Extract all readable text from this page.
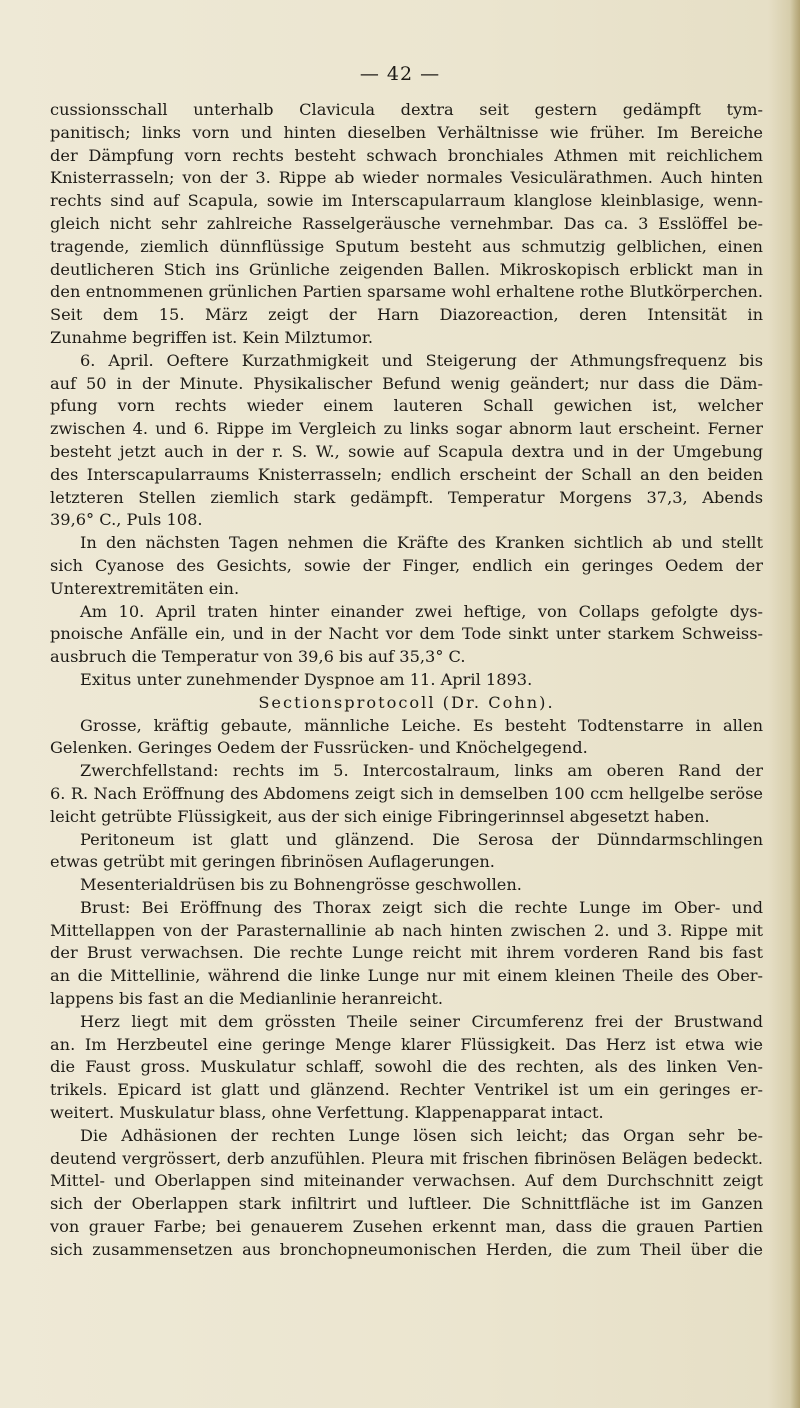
— 42 —
cussionsschall unterhalb Clavicula dextra seit gestern gedämpft tym-
panitisch; links vorn und hinten dieselben Verhältnisse wie früher. Im Bereiche
der Dämpfung vorn rechts besteht schwach bronchiales Athmen mit reichlichem
Knisterrasseln; von der 3. Rippe ab wieder normales Vesiculärathmen. Auch hinten
rechts sind auf Scapula, sowie im Interscapularraum klanglose kleinblasige, wenn-
gleich nicht sehr zahlreiche Rasselgeräusche vernehmbar. Das ca. 3 Esslöffel be-
tragende, ziemlich dünnflüssige Sputum besteht aus schmutzig gelblichen, einen
deutlicheren Stich ins Grünliche zeigenden Ballen. Mikroskopisch erblickt man in
den entnommenen grünlichen Partien sparsame wohl erhaltene rothe Blutkörperchen.
Seit dem 15. März zeigt der Harn Diazoreaction, deren Intensität in
Zunahme begriffen ist. Kein Milztumor.
6. April. Oeftere Kurzathmigkeit und Steigerung der Athmungsfrequenz bis
auf 50 in der Minute. Physikalischer Befund wenig geändert; nur dass die Däm-
pfung vorn rechts wieder einem lauteren Schall gewichen ist, welcher
zwischen 4. und 6. Rippe im Vergleich zu links sogar abnorm laut erscheint. Ferner
besteht jetzt auch in der r. S. W., sowie auf Scapula dextra und in der Umgebung
des Interscapularraums Knisterrasseln; endlich erscheint der Schall an den beiden
letzteren Stellen ziemlich stark gedämpft. Temperatur Morgens 37,3, Abends
39,6° C., Puls 108.
In den nächsten Tagen nehmen die Kräfte des Kranken sichtlich ab und stellt
sich Cyanose des Gesichts, sowie der Finger, endlich ein geringes Oedem der
Unterextremitäten ein.
Am 10. April traten hinter einander zwei heftige, von Collaps gefolgte dys-
pnoische Anfälle ein, und in der Nacht vor dem Tode sinkt unter starkem Schweiss-
ausbruch die Temperatur von 39,6 bis auf 35,3° C.
Exitus unter zunehmender Dyspnoe am 11. April 1893.
Sectionsprotocoll (Dr. Cohn).
Grosse, kräftig gebaute, männliche Leiche. Es besteht Todtenstarre in allen
Gelenken. Geringes Oedem der Fussrücken- und Knöchelgegend.
Zwerchfellstand: rechts im 5. Intercostalraum, links am oberen Rand der
6. R. Nach Eröffnung des Abdomens zeigt sich in demselben 100 ccm hellgelbe seröse
leicht getrübte Flüssigkeit, aus der sich einige Fibringerinnsel abgesetzt haben.
Peritoneum ist glatt und glänzend. Die Serosa der Dünndarmschlingen
etwas getrübt mit geringen fibrinösen Auflagerungen.
Mesenterialdrüsen bis zu Bohnengrösse geschwollen.
Brust: Bei Eröffnung des Thorax zeigt sich die rechte Lunge im Ober- und
Mittellappen von der Parasternallinie ab nach hinten zwischen 2. und 3. Rippe mit
der Brust verwachsen. Die rechte Lunge reicht mit ihrem vorderen Rand bis fast
an die Mittellinie, während die linke Lunge nur mit einem kleinen Theile des Ober-
lappens bis fast an die Medianlinie heranreicht.
Herz liegt mit dem grössten Theile seiner Circumferenz frei der Brustwand
an. Im Herzbeutel eine geringe Menge klarer Flüssigkeit. Das Herz ist etwa wie
die Faust gross. Muskulatur schlaff, sowohl die des rechten, als des linken Ven-
trikels. Epicard ist glatt und glänzend. Rechter Ventrikel ist um ein geringes er-
weitert. Muskulatur blass, ohne Verfettung. Klappenapparat intact.
Die Adhäsionen der rechten Lunge lösen sich leicht; das Organ sehr be-
deutend vergrössert, derb anzufühlen. Pleura mit frischen fibrinösen Belägen bedeckt.
Mittel- und Oberlappen sind miteinander verwachsen. Auf dem Durchschnitt zeigt
sich der Oberlappen stark infiltrirt und luftleer. Die Schnittfläche ist im Ganzen
von grauer Farbe; bei genauerem Zusehen erkennt man, dass die grauen Partien
sich zusammensetzen aus bronchopneumonischen Herden, die zum Theil über die
